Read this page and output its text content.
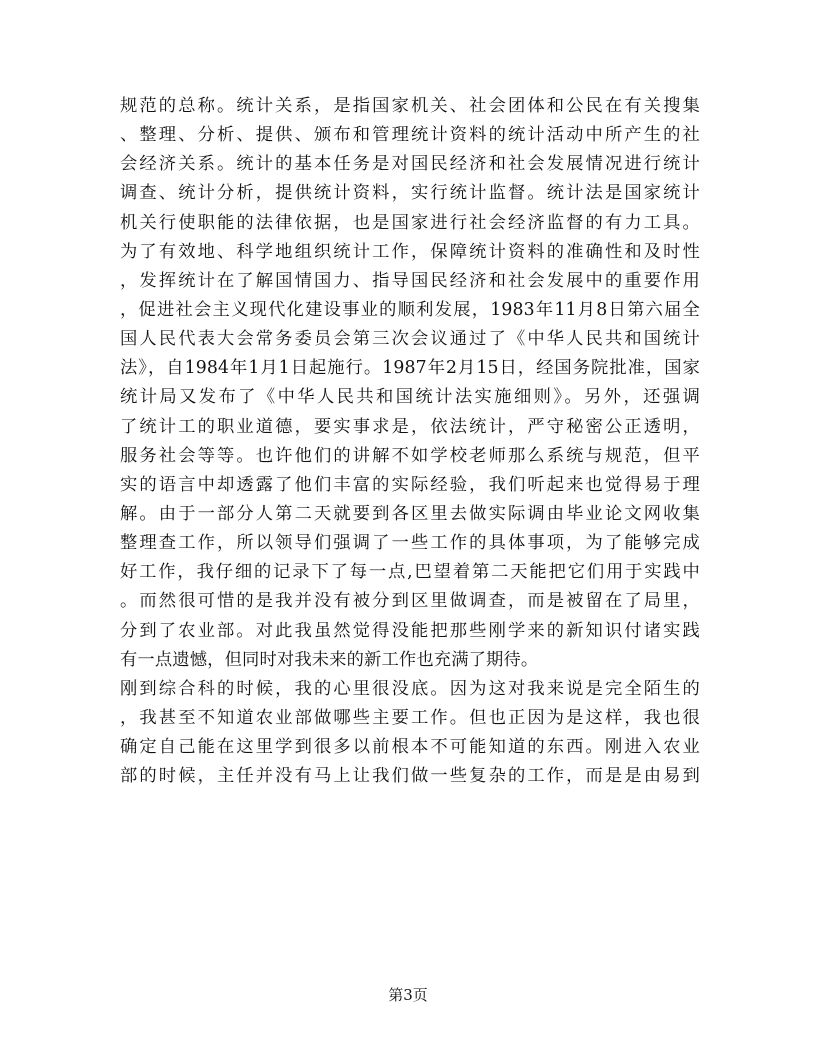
规范的总称。统计关系，是指国家机关、社会团体和公民在有关搜集
、整理、分析、提供、颁布和管理统计资料的统计活动中所产生的社
会经济关系。统计的基本任务是对国民经济和社会发展情况进行统计
调查、统计分析，提供统计资料，实行统计监督。统计法是国家统计
机关行使职能的法律依据，也是国家进行社会经济监督的有力工具。
为了有效地、科学地组织统计工作，保障统计资料的准确性和及时性
，发挥统计在了解国情国力、指导国民经济和社会发展中的重要作用
，促进社会主义现代化建设事业的顺利发展，1983年11月8日第六届全
国人民代表大会常务委员会第三次会议通过了《中华人民共和国统计
法》，自1984年1月1日起施行。1987年2月15日，经国务院批准，国家
统计局又发布了《中华人民共和国统计法实施细则》。另外，还强调
了统计工的职业道德，要实事求是，依法统计，严守秘密公正透明，
服务社会等等。也许他们的讲解不如学校老师那么系统与规范，但平
实的语言中却透露了他们丰富的实际经验，我们听起来也觉得易于理
解。由于一部分人第二天就要到各区里去做实际调由毕业论文网收集
整理查工作，所以领导们强调了一些工作的具体事项，为了能够完成
好工作，我仔细的记录下了每一点,巴望着第二天能把它们用于实践中
。而然很可惜的是我并没有被分到区里做调查，而是被留在了局里，
分到了农业部。对此我虽然觉得没能把那些刚学来的新知识付诸实践
有一点遗憾，但同时对我未来的新工作也充满了期待。
刚到综合科的时候，我的心里很没底。因为这对我来说是完全陌生的
，我甚至不知道农业部做哪些主要工作。但也正因为是这样，我也很
确定自己能在这里学到很多以前根本不可能知道的东西。刚进入农业
部的时候，主任并没有马上让我们做一些复杂的工作，而是是由易到
第3页
